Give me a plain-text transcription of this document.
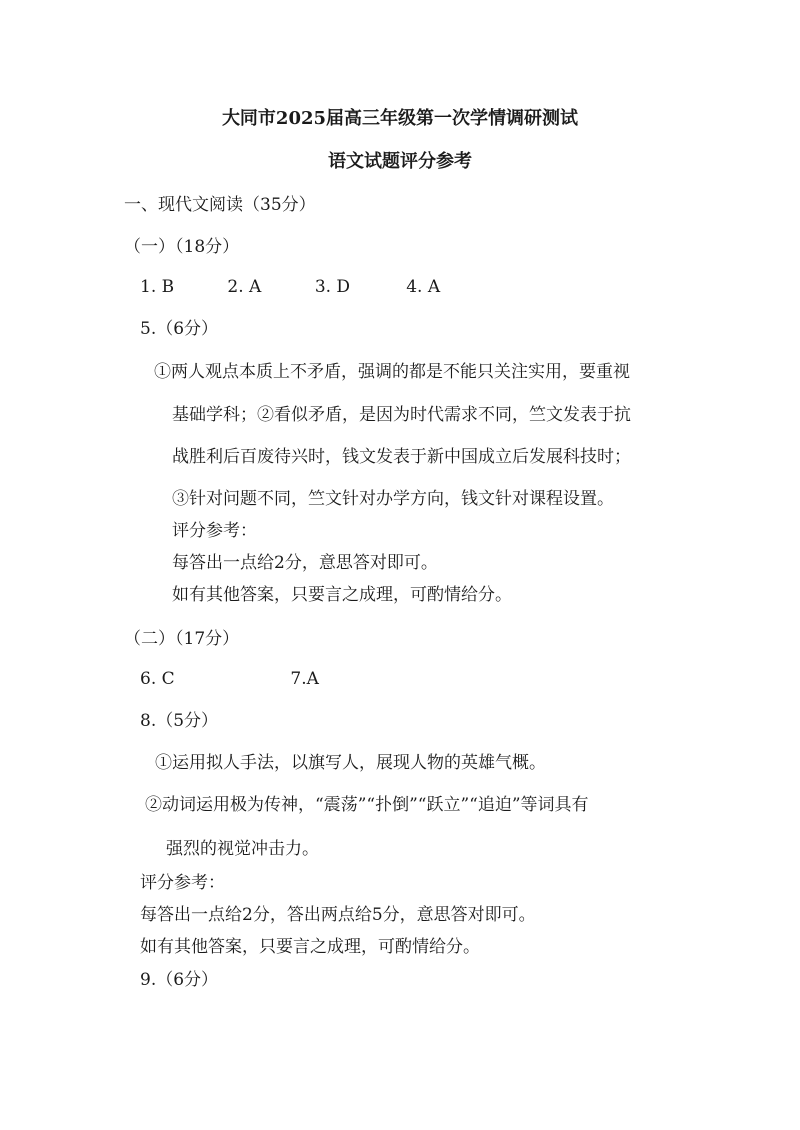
大同市2025届高三年级第一次学情调研测试
语文试题评分参考
一、现代文阅读（35分）
（一）（18分）
1. B	2. A	3. D	4. A
5.（6分）
①两人观点本质上不矛盾，强调的都是不能只关注实用，要重视
基础学科；②看似矛盾，是因为时代需求不同，竺文发表于抗
战胜利后百废待兴时，钱文发表于新中国成立后发展科技时；
③针对问题不同，竺文针对办学方向，钱文针对课程设置。
评分参考：
每答出一点给2分，意思答对即可。
如有其他答案，只要言之成理，可酌情给分。
（二）（17分）
6. C	7.A
8.（5分）
①运用拟人手法，以旗写人，展现人物的英雄气概。
②动词运用极为传神，“震荡”“扑倒”“跃立”“追迫”等词具有
强烈的视觉冲击力。
评分参考：
每答出一点给2分，答出两点给5分，意思答对即可。
如有其他答案，只要言之成理，可酌情给分。
9.（6分）
